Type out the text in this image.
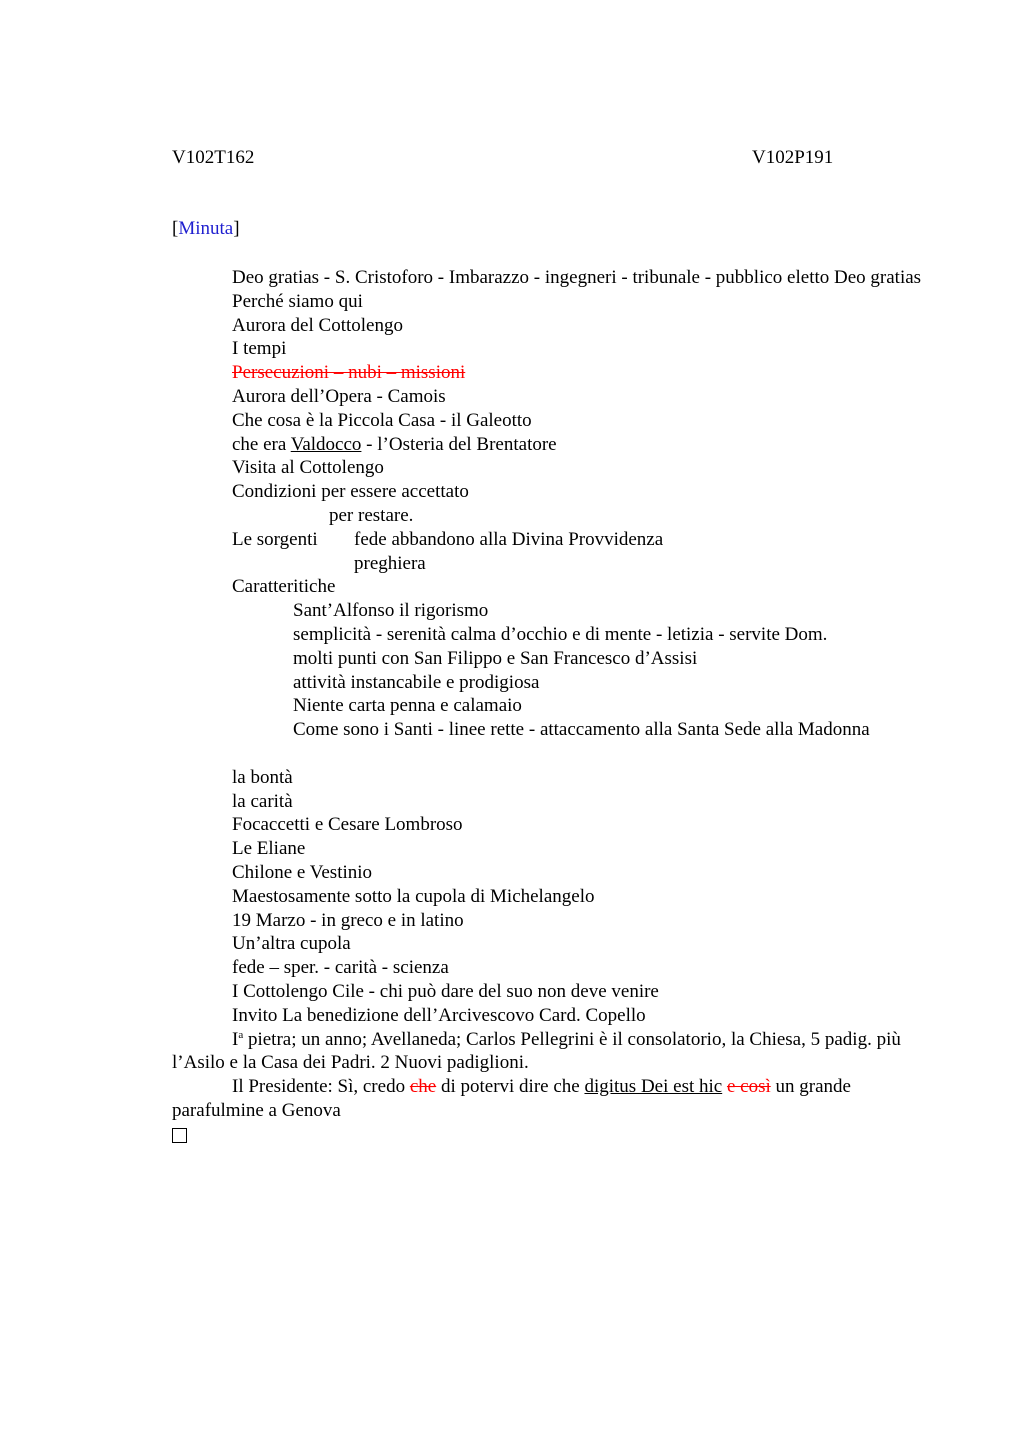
V102T162	V102P191
[Minuta]

Deo gratias - S. Cristoforo - Imbarazzo - ingegneri - tribunale - pubblico eletto Deo gratias

Perché siamo qui

Aurora del Cottolengo

I tempi

Persecuzioni – nubi – missioni

Aurora dell’Opera - Camois

Che cosa è la Piccola Casa - il Galeotto

che era Valdocco - l’Osteria del Brentatore

Visita al Cottolengo

Condizioni per essere accettato

per restare.

Le sorgenti fede abbandono alla Divina Provvidenza

preghiera

Caratteritiche

Sant’Alfonso il rigorismo

semplicità - serenità calma d’occhio e di mente - letizia - servite Dom.

molti punti con San Filippo e San Francesco d’Assisi

attività instancabile e prodigiosa

Niente carta penna e calamaio

Come sono i Santi - linee rette - attaccamento alla Santa Sede alla Madonna

la bontà

la carità

Focaccetti e Cesare Lombroso

Le Eliane

Chilone e Vestinio

Maestosamente sotto la cupola di Michelangelo

19 Marzo - in greco e in latino

Un’altra cupola

fede – sper. - carità - scienza

I Cottolengo Cile - chi può dare del suo non deve venire

Invito La benedizione dell’Arcivescovo Card. Copello

$I^a$ pietra; un anno; Avellaneda; Carlos Pellegrini è il consolatorio, la Chiesa, 5 padig. più l’Asilo e la Casa dei Padri. 2 Nuovi padiglioni.

Il Presidente: Sì, credo che di potervi dire che digitus Dei est hic e così un grande parafulmine a Genova
